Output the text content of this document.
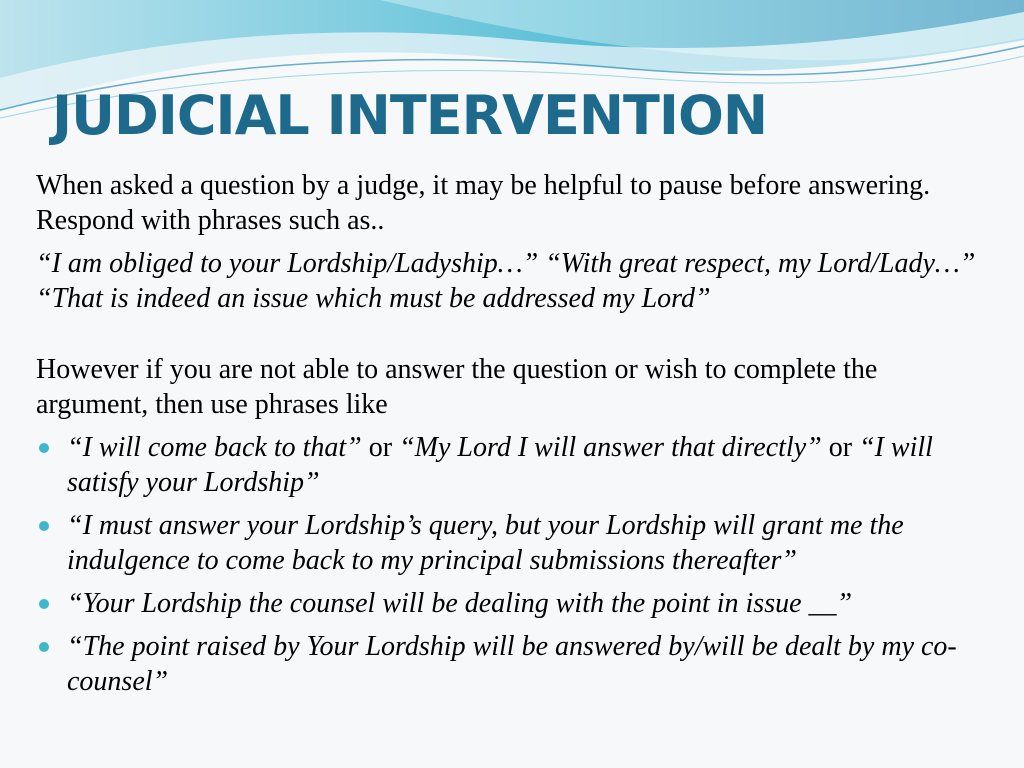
JUDICIAL INTERVENTION

When asked a question by a judge, it may be helpful to pause before answering. Respond with phrases such as..

“I am obliged to your Lordship/Ladyship…” “With great respect, my Lord/Lady…” “That is indeed an issue which must be addressed my Lord”

However if you are not able to answer the question or wish to complete the argument, then use phrases like

“I will come back to that” or “My Lord I will answer that directly” or “I will satisfy your Lordship”
“I must answer your Lordship’s query, but your Lordship will grant me the indulgence to come back to my principal submissions thereafter”
“Your Lordship the counsel will be dealing with the point in issue __”
“The point raised by Your Lordship will be answered by/will be dealt by my co-counsel”
